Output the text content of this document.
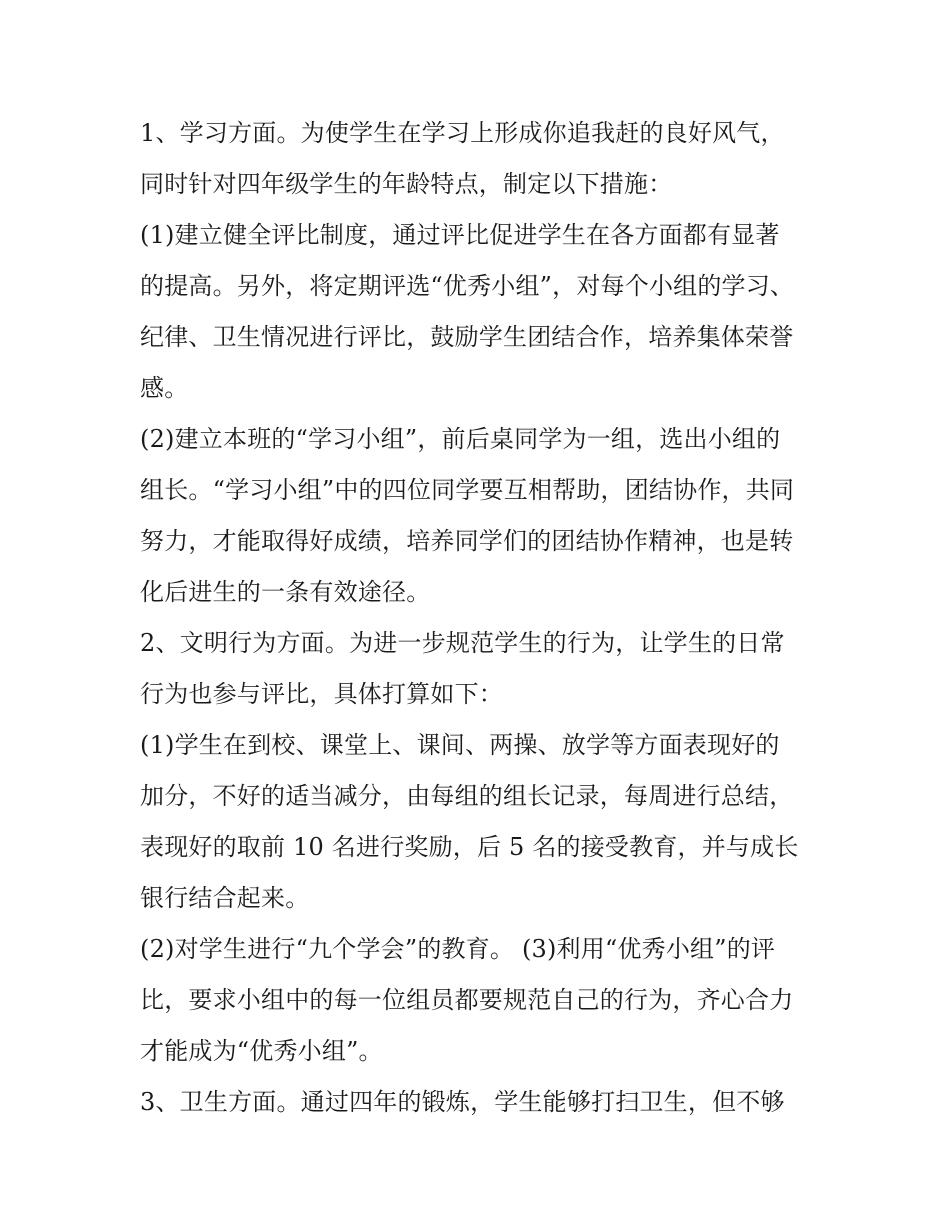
1、学习方面。为使学生在学习上形成你追我赶的良好风气，
同时针对四年级学生的年龄特点，制定以下措施：
(1)建立健全评比制度，通过评比促进学生在各方面都有显著
的提高。另外，将定期评选“优秀小组”，对每个小组的学习、
纪律、卫生情况进行评比，鼓励学生团结合作，培养集体荣誉
感。
(2)建立本班的“学习小组”，前后桌同学为一组，选出小组的
组长。“学习小组”中的四位同学要互相帮助，团结协作，共同
努力，才能取得好成绩，培养同学们的团结协作精神，也是转
化后进生的一条有效途径。
2、文明行为方面。为进一步规范学生的行为，让学生的日常
行为也参与评比，具体打算如下：
(1)学生在到校、课堂上、课间、两操、放学等方面表现好的
加分，不好的适当减分，由每组的组长记录，每周进行总结，
表现好的取前 10 名进行奖励，后 5 名的接受教育，并与成长
银行结合起来。
(2)对学生进行“九个学会”的教育。 (3)利用“优秀小组”的评
比，要求小组中的每一位组员都要规范自己的行为，齐心合力
才能成为“优秀小组”。
3、卫生方面。通过四年的锻炼，学生能够打扫卫生，但不够
